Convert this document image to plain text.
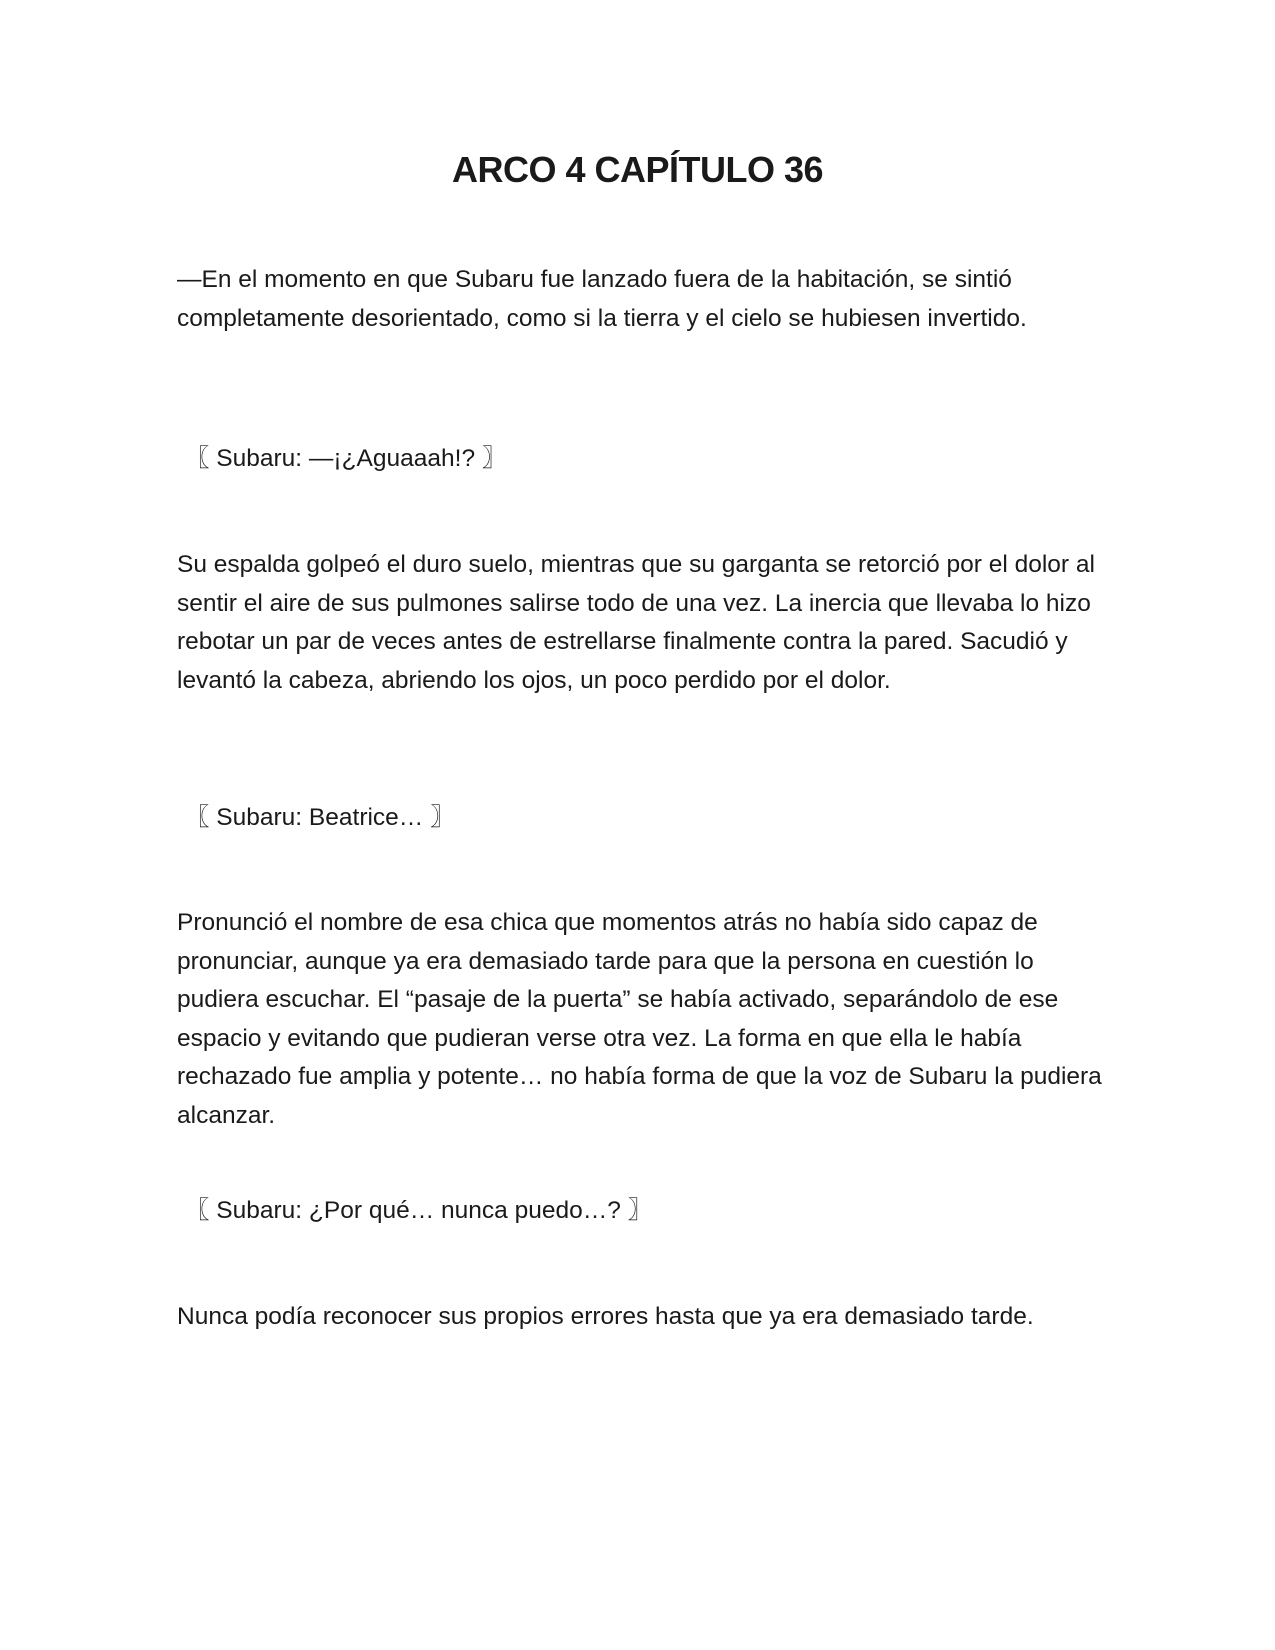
ARCO 4 CAPÍTULO 36

—En el momento en que Subaru fue lanzado fuera de la habitación, se sintió completamente desorientado, como si la tierra y el cielo se hubiesen invertido.

〖 Subaru: —¡¿Aguaaah!? 〗

Su espalda golpeó el duro suelo, mientras que su garganta se retorció por el dolor al sentir el aire de sus pulmones salirse todo de una vez. La inercia que llevaba lo hizo rebotar un par de veces antes de estrellarse finalmente contra la pared. Sacudió y levantó la cabeza, abriendo los ojos, un poco perdido por el dolor.

〖 Subaru: Beatrice… 〗

Pronunció el nombre de esa chica que momentos atrás no había sido capaz de pronunciar, aunque ya era demasiado tarde para que la persona en cuestión lo pudiera escuchar. El “pasaje de la puerta” se había activado, separándolo de ese espacio y evitando que pudieran verse otra vez. La forma en que ella le había rechazado fue amplia y potente… no había forma de que la voz de Subaru la pudiera alcanzar.

〖 Subaru: ¿Por qué… nunca puedo…? 〗

Nunca podía reconocer sus propios errores hasta que ya era demasiado tarde.
